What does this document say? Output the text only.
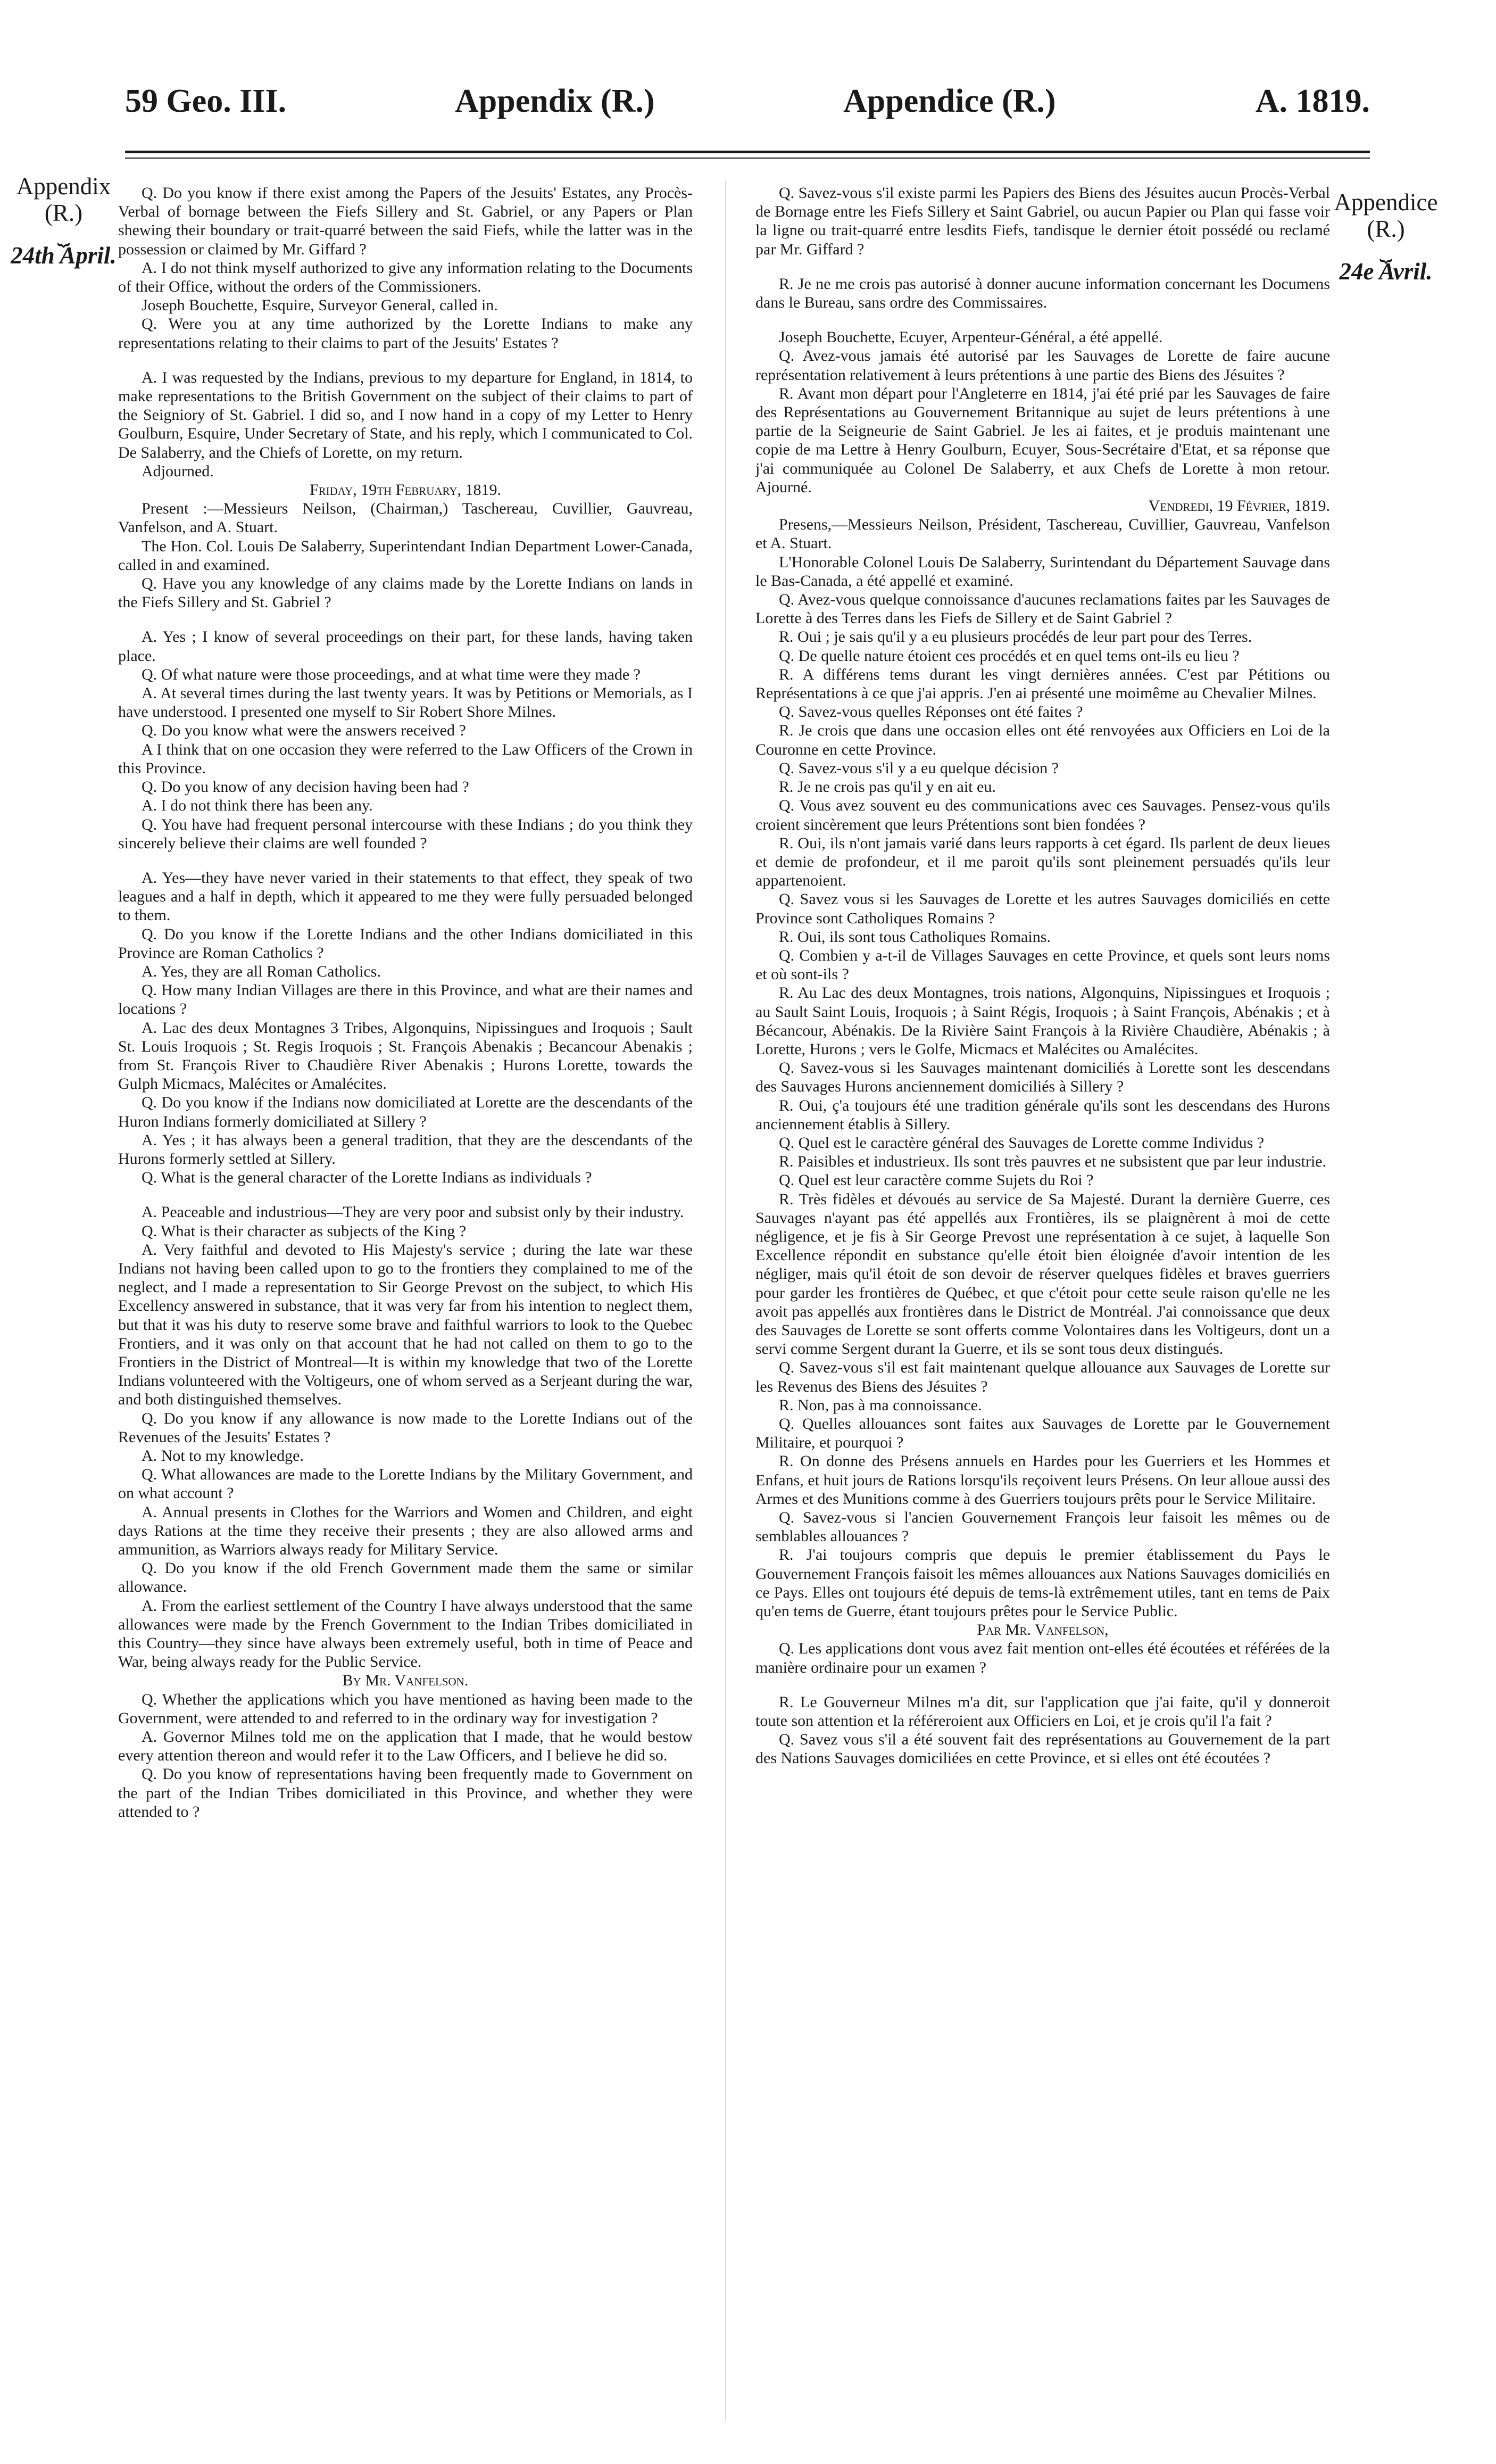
59 Geo. III.	Appendix (R.)	Appendice (R.)	A. 1819.
Appendix
(R.)
⏟
24th April.
Appendice
(R.)
⏟
24e Avril.

Q. Do you know if there exist among the Papers of the Jesuits' Estates, any Procès-Verbal of bornage between the Fiefs Sillery and St. Gabriel, or any Papers or Plan shewing their boundary or trait-quarré between the said Fiefs, while the latter was in the possession or claimed by Mr. Giffard ?

A. I do not think myself authorized to give any information relating to the Documents of their Office, without the orders of the Commissioners.

Joseph Bouchette, Esquire, Surveyor General, called in.

Q. Were you at any time authorized by the Lorette Indians to make any representations relating to their claims to part of the Jesuits' Estates ?

A. I was requested by the Indians, previous to my departure for England, in 1814, to make representations to the British Government on the subject of their claims to part of the Seigniory of St. Gabriel. I did so, and I now hand in a copy of my Letter to Henry Goulburn, Esquire, Under Secretary of State, and his reply, which I communicated to Col. De Salaberry, and the Chiefs of Lorette, on my return.

Adjourned.

Friday, 19th February, 1819.

Present :—Messieurs Neilson, (Chairman,) Taschereau, Cuvillier, Gauvreau, Vanfelson, and A. Stuart.

The Hon. Col. Louis De Salaberry, Superintendant Indian Department Lower-Canada, called in and examined.

Q. Have you any knowledge of any claims made by the Lorette Indians on lands in the Fiefs Sillery and St. Gabriel ?

A. Yes ; I know of several proceedings on their part, for these lands, having taken place.

Q. Of what nature were those proceedings, and at what time were they made ?

A. At several times during the last twenty years. It was by Petitions or Memorials, as I have understood. I presented one myself to Sir Robert Shore Milnes.

Q. Do you know what were the answers received ?

A I think that on one occasion they were referred to the Law Officers of the Crown in this Province.

Q. Do you know of any decision having been had ?

A. I do not think there has been any.

Q. You have had frequent personal intercourse with these Indians ; do you think they sincerely believe their claims are well founded ?

A. Yes—they have never varied in their statements to that effect, they speak of two leagues and a half in depth, which it appeared to me they were fully persuaded belonged to them.

Q. Do you know if the Lorette Indians and the other Indians domiciliated in this Province are Roman Catholics ?

A. Yes, they are all Roman Catholics.

Q. How many Indian Villages are there in this Province, and what are their names and locations ?

A. Lac des deux Montagnes 3 Tribes, Algonquins, Nipissingues and Iroquois ; Sault St. Louis Iroquois ; St. Regis Iroquois ; St. François Abenakis ; Becancour Abenakis ; from St. François River to Chaudière River Abenakis ; Hurons Lorette, towards the Gulph Micmacs, Malécites or Amalécites.

Q. Do you know if the Indians now domiciliated at Lorette are the descendants of the Huron Indians formerly domiciliated at Sillery ?

A. Yes ; it has always been a general tradition, that they are the descendants of the Hurons formerly settled at Sillery.

Q. What is the general character of the Lorette Indians as individuals ?

A. Peaceable and industrious—They are very poor and subsist only by their industry.

Q. What is their character as subjects of the King ?

A. Very faithful and devoted to His Majesty's service ; during the late war these Indians not having been called upon to go to the frontiers they complained to me of the neglect, and I made a representation to Sir George Prevost on the subject, to which His Excellency answered in substance, that it was very far from his intention to neglect them, but that it was his duty to reserve some brave and faithful warriors to look to the Quebec Frontiers, and it was only on that account that he had not called on them to go to the Frontiers in the District of Montreal—It is within my knowledge that two of the Lorette Indians volunteered with the Voltigeurs, one of whom served as a Serjeant during the war, and both distinguished themselves.

Q. Do you know if any allowance is now made to the Lorette Indians out of the Revenues of the Jesuits' Estates ?

A. Not to my knowledge.

Q. What allowances are made to the Lorette Indians by the Military Government, and on what account ?

A. Annual presents in Clothes for the Warriors and Women and Children, and eight days Rations at the time they receive their presents ; they are also allowed arms and ammunition, as Warriors always ready for Military Service.

Q. Do you know if the old French Government made them the same or similar allowance.

A. From the earliest settlement of the Country I have always understood that the same allowances were made by the French Government to the Indian Tribes domiciliated in this Country—they since have always been extremely useful, both in time of Peace and War, being always ready for the Public Service.

By Mr. Vanfelson.

Q. Whether the applications which you have mentioned as having been made to the Government, were attended to and referred to in the ordinary way for investigation ?

A. Governor Milnes told me on the application that I made, that he would bestow every attention thereon and would refer it to the Law Officers, and I believe he did so.

Q. Do you know of representations having been frequently made to Government on the part of the Indian Tribes domiciliated in this Province, and whether they were attended to ?

Q. Savez-vous s'il existe parmi les Papiers des Biens des Jésuites aucun Procès-Verbal de Bornage entre les Fiefs Sillery et Saint Gabriel, ou aucun Papier ou Plan qui fasse voir la ligne ou trait-quarré entre lesdits Fiefs, tandisque le dernier étoit possédé ou reclamé par Mr. Giffard ?

R. Je ne me crois pas autorisé à donner aucune information concernant les Documens dans le Bureau, sans ordre des Commissaires.

Joseph Bouchette, Ecuyer, Arpenteur-Général, a été appellé.

Q. Avez-vous jamais été autorisé par les Sauvages de Lorette de faire aucune représentation relativement à leurs prétentions à une partie des Biens des Jésuites ?

R. Avant mon départ pour l'Angleterre en 1814, j'ai été prié par les Sauvages de faire des Représentations au Gouvernement Britannique au sujet de leurs prétentions à une partie de la Seigneurie de Saint Gabriel. Je les ai faites, et je produis maintenant une copie de ma Lettre à Henry Goulburn, Ecuyer, Sous-Secrétaire d'Etat, et sa réponse que j'ai communiquée au Colonel De Salaberry, et aux Chefs de Lorette à mon retour. Ajourné.

Vendredi, 19 Février, 1819.

Presens,—Messieurs Neilson, Président, Taschereau, Cuvillier, Gauvreau, Vanfelson et A. Stuart.

L'Honorable Colonel Louis De Salaberry, Surintendant du Département Sauvage dans le Bas-Canada, a été appellé et examiné.

Q. Avez-vous quelque connoissance d'aucunes reclamations faites par les Sauvages de Lorette à des Terres dans les Fiefs de Sillery et de Saint Gabriel ?

R. Oui ; je sais qu'il y a eu plusieurs procédés de leur part pour des Terres.

Q. De quelle nature étoient ces procédés et en quel tems ont-ils eu lieu ?

R. A différens tems durant les vingt dernières années. C'est par Pétitions ou Représentations à ce que j'ai appris. J'en ai présenté une moimême au Chevalier Milnes.

Q. Savez-vous quelles Réponses ont été faites ?

R. Je crois que dans une occasion elles ont été renvoyées aux Officiers en Loi de la Couronne en cette Province.

Q. Savez-vous s'il y a eu quelque décision ?

R. Je ne crois pas qu'il y en ait eu.

Q. Vous avez souvent eu des communications avec ces Sauvages. Pensez-vous qu'ils croient sincèrement que leurs Prétentions sont bien fondées ?

R. Oui, ils n'ont jamais varié dans leurs rapports à cet égard. Ils parlent de deux lieues et demie de profondeur, et il me paroit qu'ils sont pleinement persuadés qu'ils leur appartenoient.

Q. Savez vous si les Sauvages de Lorette et les autres Sauvages domiciliés en cette Province sont Catholiques Romains ?

R. Oui, ils sont tous Catholiques Romains.

Q. Combien y a-t-il de Villages Sauvages en cette Province, et quels sont leurs noms et où sont-ils ?

R. Au Lac des deux Montagnes, trois nations, Algonquins, Nipissingues et Iroquois ; au Sault Saint Louis, Iroquois ; à Saint Régis, Iroquois ; à Saint François, Abénakis ; et à Bécancour, Abénakis. De la Rivière Saint François à la Rivière Chaudière, Abénakis ; à Lorette, Hurons ; vers le Golfe, Micmacs et Malécites ou Amalécites.

Q. Savez-vous si les Sauvages maintenant domiciliés à Lorette sont les descendans des Sauvages Hurons anciennement domiciliés à Sillery ?

R. Oui, ç'a toujours été une tradition générale qu'ils sont les descendans des Hurons anciennement établis à Sillery.

Q. Quel est le caractère général des Sauvages de Lorette comme Individus ?

R. Paisibles et industrieux. Ils sont très pauvres et ne subsistent que par leur industrie.

Q. Quel est leur caractère comme Sujets du Roi ?

R. Très fidèles et dévoués au service de Sa Majesté. Durant la dernière Guerre, ces Sauvages n'ayant pas été appellés aux Frontières, ils se plaignèrent à moi de cette négligence, et je fis à Sir George Prevost une représentation à ce sujet, à laquelle Son Excellence répondit en substance qu'elle étoit bien éloignée d'avoir intention de les négliger, mais qu'il étoit de son devoir de réserver quelques fidèles et braves guerriers pour garder les frontières de Québec, et que c'étoit pour cette seule raison qu'elle ne les avoit pas appellés aux frontières dans le District de Montréal. J'ai connoissance que deux des Sauvages de Lorette se sont offerts comme Volontaires dans les Voltigeurs, dont un a servi comme Sergent durant la Guerre, et ils se sont tous deux distingués.

Q. Savez-vous s'il est fait maintenant quelque allouance aux Sauvages de Lorette sur les Revenus des Biens des Jésuites ?

R. Non, pas à ma connoissance.

Q. Quelles allouances sont faites aux Sauvages de Lorette par le Gouvernement Militaire, et pourquoi ?

R. On donne des Présens annuels en Hardes pour les Guerriers et les Hommes et Enfans, et huit jours de Rations lorsqu'ils reçoivent leurs Présens. On leur alloue aussi des Armes et des Munitions comme à des Guerriers toujours prêts pour le Service Militaire.

Q. Savez-vous si l'ancien Gouvernement François leur faisoit les mêmes ou de semblables allouances ?

R. J'ai toujours compris que depuis le premier établissement du Pays le Gouvernement François faisoit les mêmes allouances aux Nations Sauvages domiciliés en ce Pays. Elles ont toujours été depuis de tems-là extrêmement utiles, tant en tems de Paix qu'en tems de Guerre, étant toujours prêtes pour le Service Public.

Par Mr. Vanfelson,

Q. Les applications dont vous avez fait mention ont-elles été écoutées et référées de la manière ordinaire pour un examen ?

R. Le Gouverneur Milnes m'a dit, sur l'application que j'ai faite, qu'il y donneroit toute son attention et la référeroient aux Officiers en Loi, et je crois qu'il l'a fait ?

Q. Savez vous s'il a été souvent fait des représentations au Gouvernement de la part des Nations Sauvages domiciliées en cette Province, et si elles ont été écoutées ?
